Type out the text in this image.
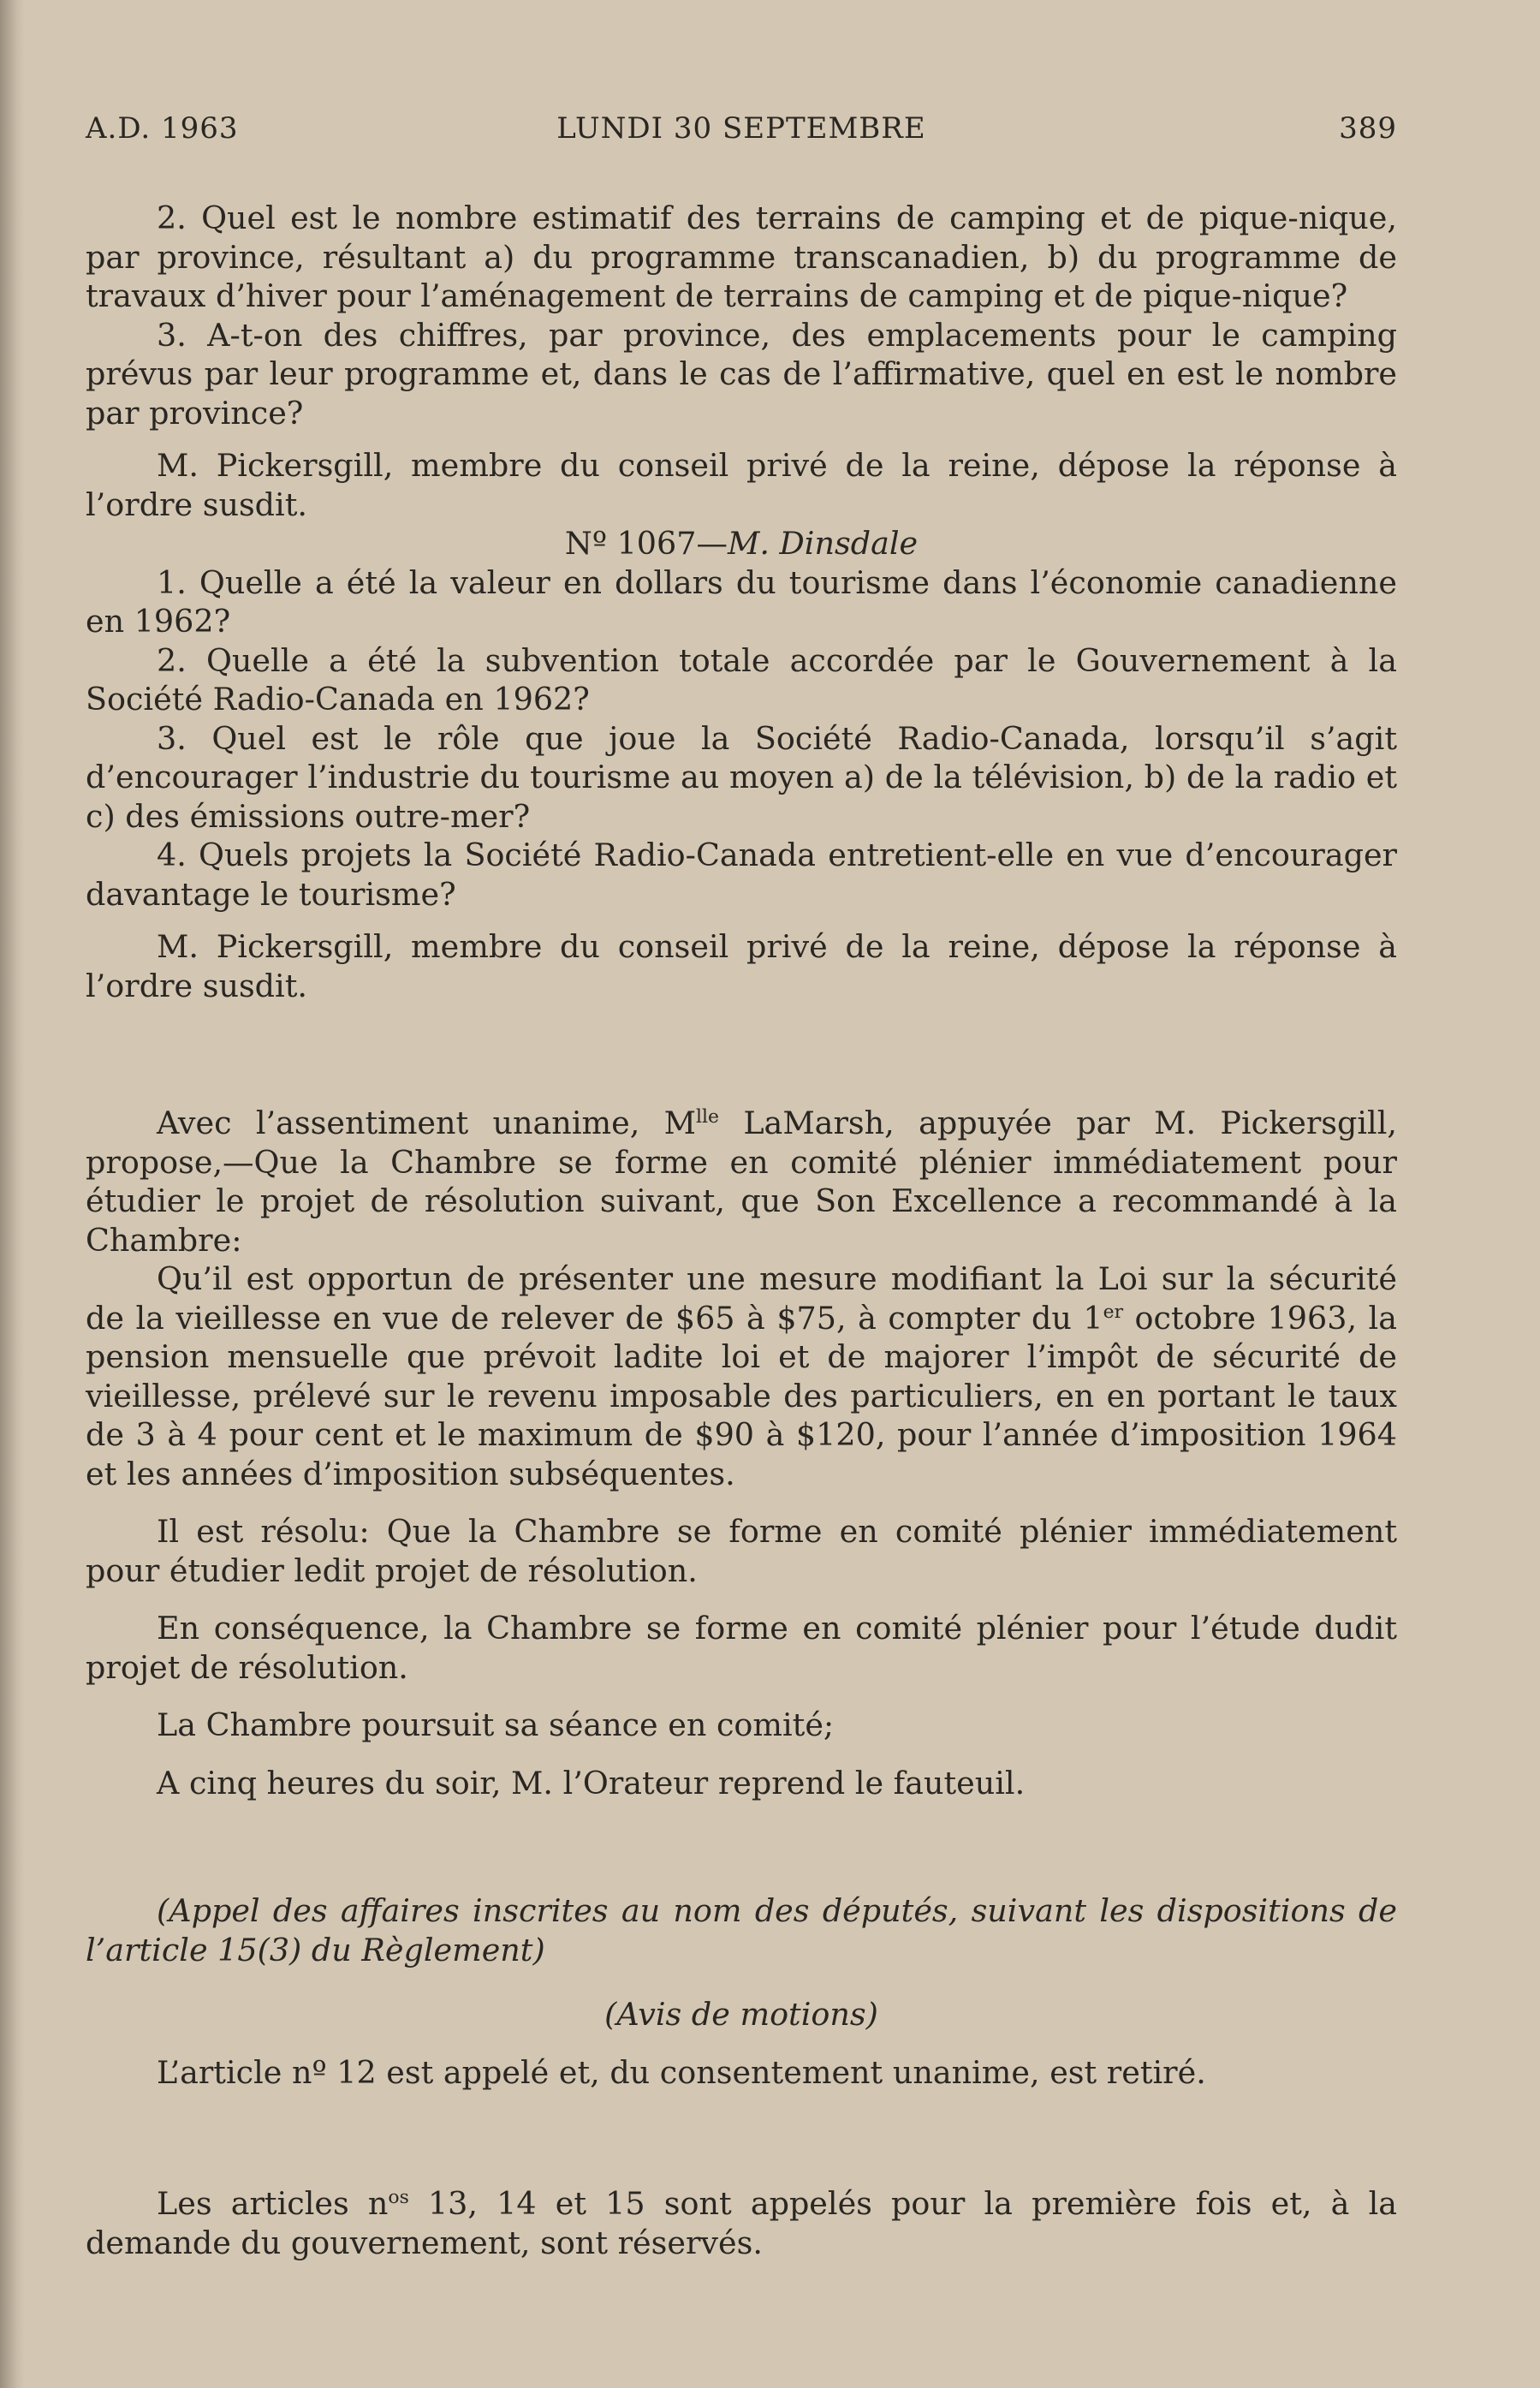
A.D. 1963	LUNDI 30 SEPTEMBRE	389

2. Quel est le nombre estimatif des terrains de camping et de pique-nique, par province, résultant a) du programme transcanadien, b) du programme de travaux d’hiver pour l’aménagement de terrains de camping et de pique-nique?

3. A-t-on des chiffres, par province, des emplacements pour le camping prévus par leur programme et, dans le cas de l’affirmative, quel en est le nombre par province?

M. Pickersgill, membre du conseil privé de la reine, dépose la réponse à l’ordre susdit.

Nº 1067—M. Dinsdale

1. Quelle a été la valeur en dollars du tourisme dans l’économie canadienne en 1962?

2. Quelle a été la subvention totale accordée par le Gouvernement à la Société Radio-Canada en 1962?

3. Quel est le rôle que joue la Société Radio-Canada, lorsqu’il s’agit d’encourager l’industrie du tourisme au moyen a) de la télévision, b) de la radio et c) des émissions outre-mer?

4. Quels projets la Société Radio-Canada entretient-elle en vue d’encourager davantage le tourisme?

M. Pickersgill, membre du conseil privé de la reine, dépose la réponse à l’ordre susdit.

Avec l’assentiment unanime, $M^{lle}$ LaMarsh, appuyée par M. Pickersgill, propose,—Que la Chambre se forme en comité plénier immédiatement pour étudier le projet de résolution suivant, que Son Excellence a recommandé à la Chambre:

Qu’il est opportun de présenter une mesure modifiant la Loi sur la sécurité de la vieillesse en vue de relever de $65 à $75, à compter du 1er octobre 1963, la pension mensuelle que prévoit ladite loi et de majorer l’impôt de sécurité de vieillesse, prélevé sur le revenu imposable des particuliers, en en portant le taux de 3 à 4 pour cent et le maximum de $90 à $120, pour l’année d’imposition 1964 et les années d’imposition subséquentes.

Il est résolu: Que la Chambre se forme en comité plénier immédiatement pour étudier ledit projet de résolution.

En conséquence, la Chambre se forme en comité plénier pour l’étude dudit projet de résolution.

La Chambre poursuit sa séance en comité;

A cinq heures du soir, M. l’Orateur reprend le fauteuil.

(Appel des affaires inscrites au nom des députés, suivant les dispositions de l’article 15(3) du Règlement)

(Avis de motions)

L’article nº 12 est appelé et, du consentement unanime, est retiré.

Les articles $n^{os}$ 13, 14 et 15 sont appelés pour la première fois et, à la demande du gouvernement, sont réservés.
